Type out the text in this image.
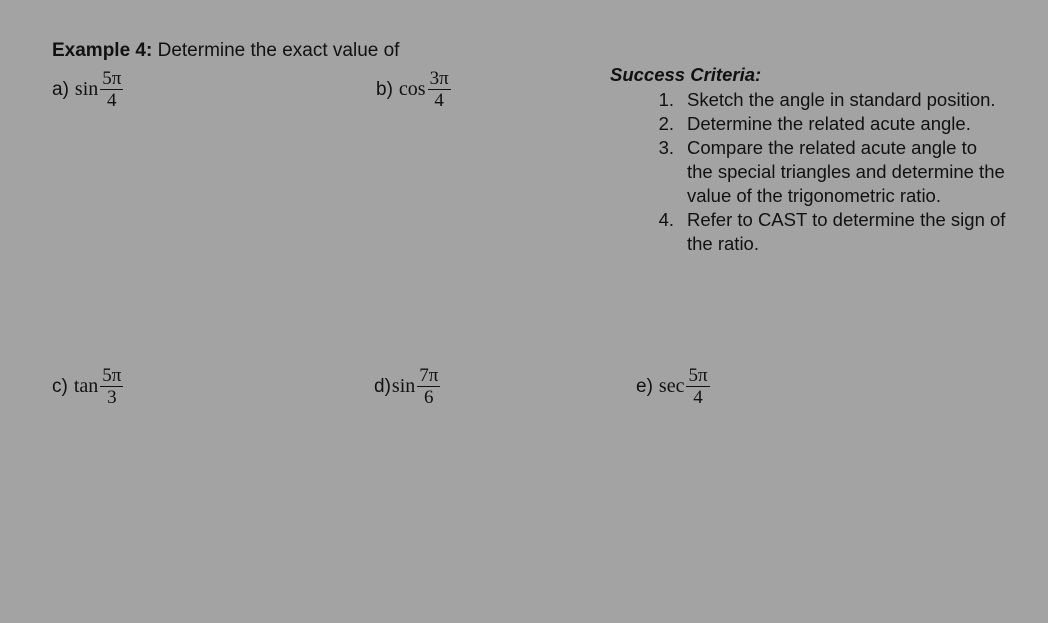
Example 4: Determine the exact value of
a) $\sin \frac{5\pi}{4}$	b) $\cos \frac{3\pi}{4}$	Success Criteria:
1. Sketch the angle in standard position.
2. Determine the related acute angle.
3. Compare the related acute angle to the special triangles and determine the value of the trigonometric ratio.
4. Refer to CAST to determine the sign of the ratio.
c) $\tan \frac{5\pi}{3}$	d) $\sin \frac{7\pi}{6}$	e) $\sec \frac{5\pi}{4}$
